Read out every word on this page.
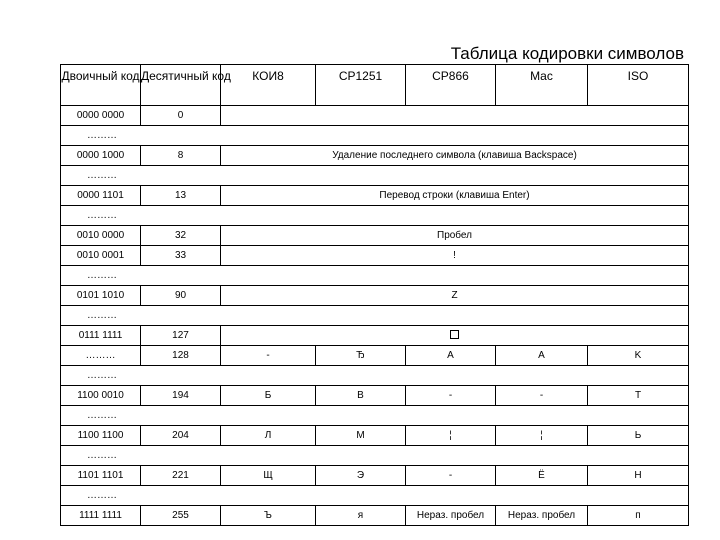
Таблица кодировки символов
Двоичный код	Десятичный код	КОИ8	CP1251	CP866	Mac	ISO
0000 0000	0					
………						
0000 1000	8	Удаление последнего символа (клавиша Backspace)				
………						
0000 1101	13	Перевод строки (клавиша Enter)				
………						
0010 0000	32	Пробел				
0010 0001	33	!				
………						
0101 1010	90	Z				
………						
0111 1111	127					
………	128	-	Ђ	А	А	K
………						
1100 0010	194	Б	В	-	-	Т
………						
1100 1100	204	Л	М	¦	¦	Ь
………						
1101 1101	221	Щ	Э	-	Ё	Н
………						
1111 1111	255	Ъ	я	Нерaз. пробел	Нерaз. пробел	п
